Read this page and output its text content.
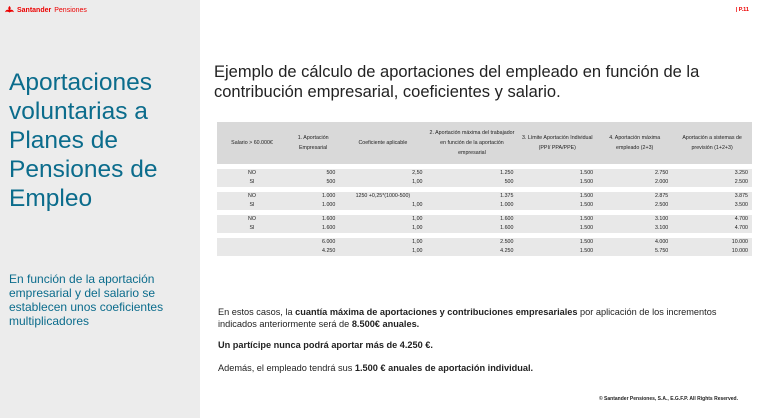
Santander Pensiones
Aportaciones voluntarias a Planes de Pensiones de Empleo
En función de la aportación empresarial y del salario se establecen unos coeficientes multiplicadores
| P.11
Ejemplo de cálculo de aportaciones del empleado en función de la contribución empresarial, coeficientes y salario.
Salario > 60.000€	1. Aportación Empresarial	Coeficiente aplicable	2. Aportación máxima del trabajador en función de la aportación empresarial	3. Límite Aportación Individual (PPI/ PPA/PPE)	4. Aportación máxima empleado (2+3)	Aportación a sistemas de previsión (1+2+3)

NO	500	2,50	1.250	1.500	2.750	3.250
SI	500	1,00	500	1.500	2.000	2.500

NO	1.000	1250 +0,25*(1000-500)	1.375	1.500	2.875	3.875
SI	1.000	1,00	1.000	1.500	2.500	3.500

NO	1.600	1,00	1.600	1.500	3.100	4.700
SI	1.600	1,00	1.600	1.500	3.100	4.700

	6.000	1,00	2.500	1.500	4.000	10.000
	4.250	1,00	4.250	1.500	5.750	10.000

En estos casos, la cuantía máxima de aportaciones y contribuciones empresariales por aplicación de los incrementos indicados anteriormente será de 8.500€ anuales.

Un partícipe nunca podrá aportar más de 4.250 €.

Además, el empleado tendrá sus 1.500 € anuales de aportación individual.

© Santander Pensiones, S.A., E.G.F.P. All Rights Reserved.
